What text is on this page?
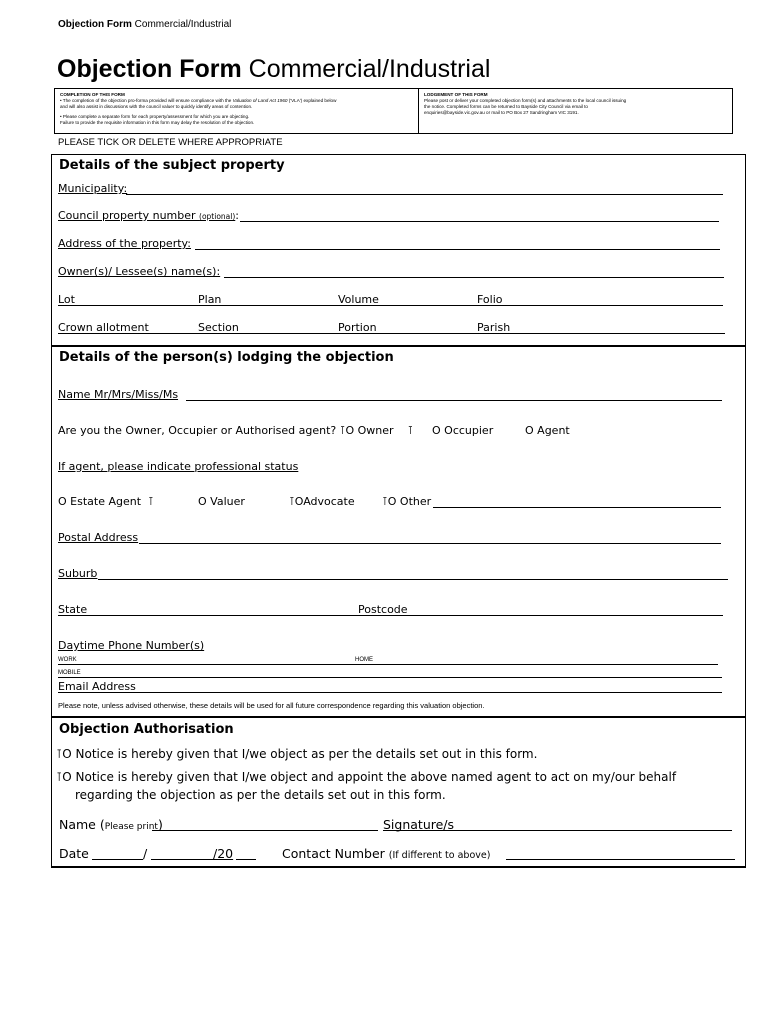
Objection Form Commercial/Industrial
Objection Form Commercial/Industrial
COMPLETION OF THIS FORM
• The completion of the objection pro-forma provided will ensure compliance with the Valuation of Land Act 1960 ('VLA') explained below
and will also assist in discussions with the council valuer to quickly identify areas of contention.

• Please complete a separate form for each property/assessment for which you are objecting.
Failure to provide the requisite information in this form may delay the resolution of the objection.
LODGEMENT OF THIS FORM
Please post or deliver your completed objection form(s) and attachments to the local council issuing
the notice. Completed forms can be returned to Bayside City Council via email to
enquiries@bayside.vic.gov.au or mail to PO Box 27 Sandringham VIC 3191.
PLEASE TICK OR DELETE WHERE APPROPRIATE
Details of the subject property
Municipality:
Council property number (optional):
Address of the property:
Owner(s)/ Lessee(s) name(s):
Lot	Plan	Volume	Folio
Crown allotment	Section	Portion	Parish
Details of the person(s) lodging the objection
Name Mr/Mrs/Miss/Ms
Are you the Owner, Occupier or Authorised agent? ⊺O Owner ⊺ O Occupier	O Agent
If agent, please indicate professional status
O Estate Agent ⊺	O Valuer	⊺OAdvocate ⊺O Other
Postal Address
Suburb
State	Postcode
Daytime Phone Number(s)
WORK	HOME
MOBILE
Email Address
Please note, unless advised otherwise, these details will be used for all future correspondence regarding this valuation objection.
Objection Authorisation
⊺O Notice is hereby given that I/we object as per the details set out in this form.
⊺O Notice is hereby given that I/we object and appoint the above named agent to act on my/our behalf
regarding the objection as per the details set out in this form.
Name (Please print)	Signature/s
Date	/	/20	Contact Number (If different to above)
